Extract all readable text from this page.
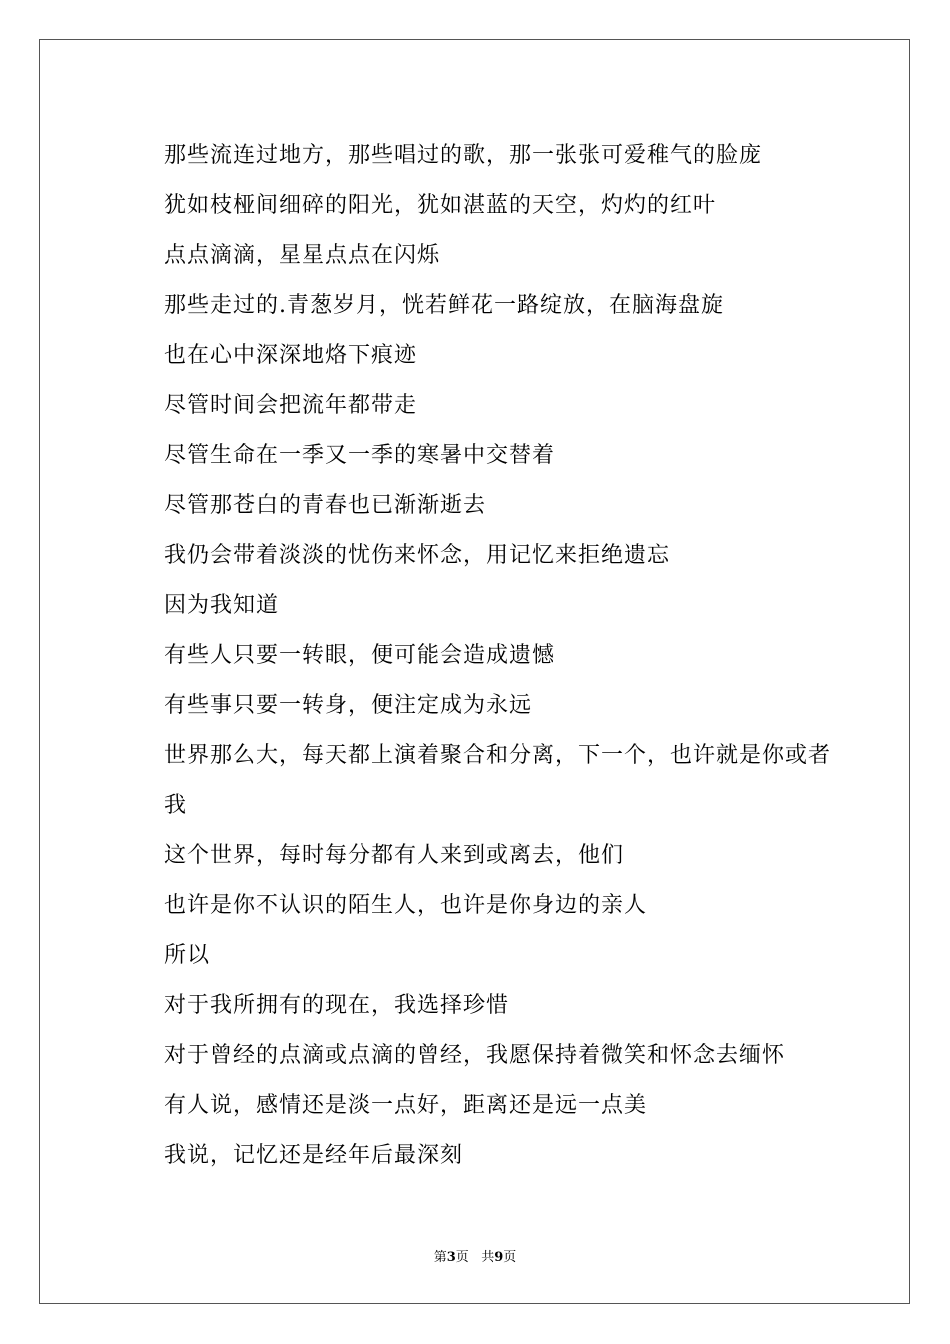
那些流连过地方，那些唱过的歌，那一张张可爱稚气的脸庞

犹如枝桠间细碎的阳光，犹如湛蓝的天空，灼灼的红叶

点点滴滴，星星点点在闪烁

那些走过的.青葱岁月，恍若鲜花一路绽放，在脑海盘旋

也在心中深深地烙下痕迹

尽管时间会把流年都带走

尽管生命在一季又一季的寒暑中交替着

尽管那苍白的青春也已渐渐逝去

我仍会带着淡淡的忧伤来怀念，用记忆来拒绝遗忘

因为我知道

有些人只要一转眼，便可能会造成遗憾

有些事只要一转身，便注定成为永远

世界那么大，每天都上演着聚合和分离，下一个，也许就是你或者我

这个世界，每时每分都有人来到或离去，他们

也许是你不认识的陌生人，也许是你身边的亲人

所以

对于我所拥有的现在，我选择珍惜

对于曾经的点滴或点滴的曾经，我愿保持着微笑和怀念去缅怀

有人说，感情还是淡一点好，距离还是远一点美

我说，记忆还是经年后最深刻

第3页 共9页
